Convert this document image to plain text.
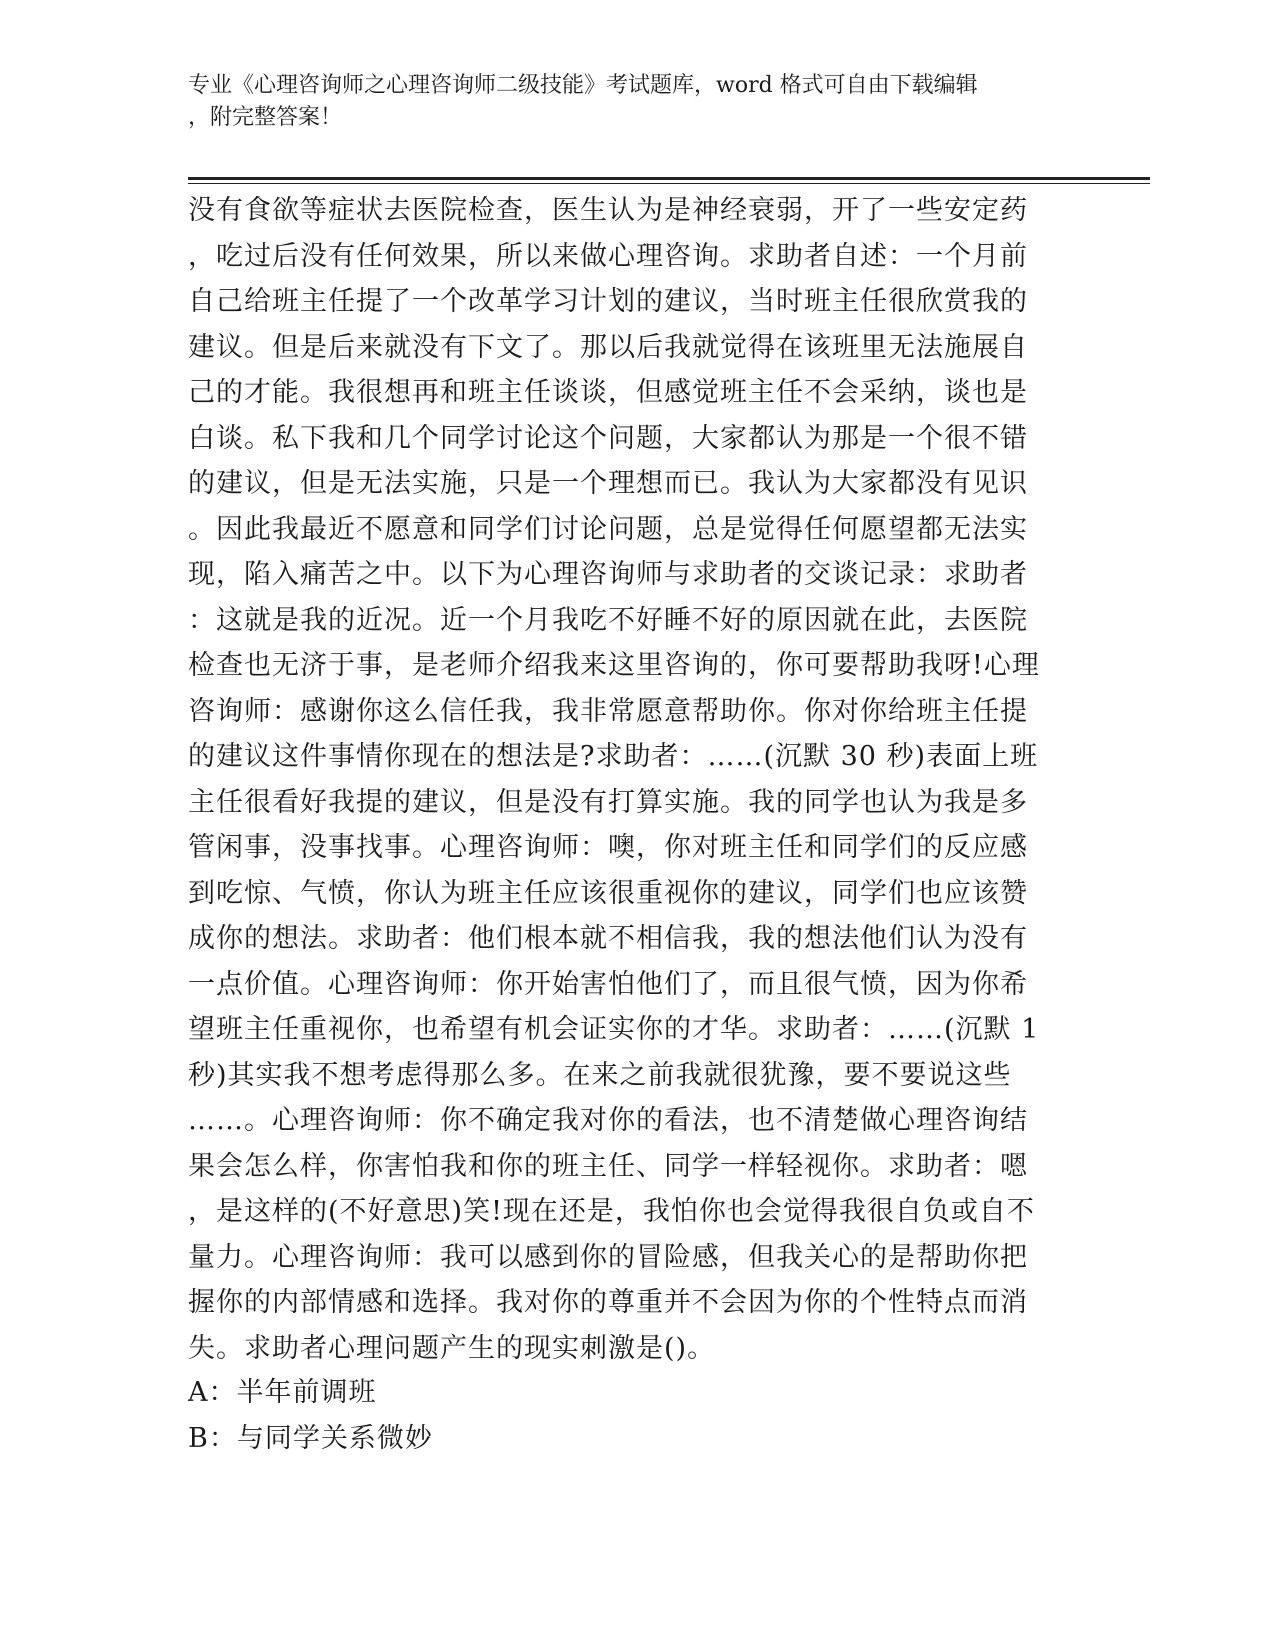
专业《心理咨询师之心理咨询师二级技能》考试题库，word 格式可自由下载编辑
，附完整答案！
没有食欲等症状去医院检查，医生认为是神经衰弱，开了一些安定药
，吃过后没有任何效果，所以来做心理咨询。求助者自述：一个月前
自己给班主任提了一个改革学习计划的建议，当时班主任很欣赏我的
建议。但是后来就没有下文了。那以后我就觉得在该班里无法施展自
己的才能。我很想再和班主任谈谈，但感觉班主任不会采纳，谈也是
白谈。私下我和几个同学讨论这个问题，大家都认为那是一个很不错
的建议，但是无法实施，只是一个理想而已。我认为大家都没有见识
。因此我最近不愿意和同学们讨论问题，总是觉得任何愿望都无法实
现，陷入痛苦之中。以下为心理咨询师与求助者的交谈记录：求助者
：这就是我的近况。近一个月我吃不好睡不好的原因就在此，去医院
检查也无济于事，是老师介绍我来这里咨询的，你可要帮助我呀!心理
咨询师：感谢你这么信任我，我非常愿意帮助你。你对你给班主任提
的建议这件事情你现在的想法是?求助者：……(沉默 30 秒)表面上班
主任很看好我提的建议，但是没有打算实施。我的同学也认为我是多
管闲事，没事找事。心理咨询师：噢，你对班主任和同学们的反应感
到吃惊、气愤，你认为班主任应该很重视你的建议，同学们也应该赞
成你的想法。求助者：他们根本就不相信我，我的想法他们认为没有
一点价值。心理咨询师：你开始害怕他们了，而且很气愤，因为你希
望班主任重视你，也希望有机会证实你的才华。求助者：……(沉默 1
秒)其实我不想考虑得那么多。在来之前我就很犹豫，要不要说这些
……。心理咨询师：你不确定我对你的看法，也不清楚做心理咨询结
果会怎么样，你害怕我和你的班主任、同学一样轻视你。求助者：嗯
，是这样的(不好意思)笑!现在还是，我怕你也会觉得我很自负或自不
量力。心理咨询师：我可以感到你的冒险感，但我关心的是帮助你把
握你的内部情感和选择。我对你的尊重并不会因为你的个性特点而消
失。求助者心理问题产生的现实刺激是()。
A：半年前调班
B：与同学关系微妙
